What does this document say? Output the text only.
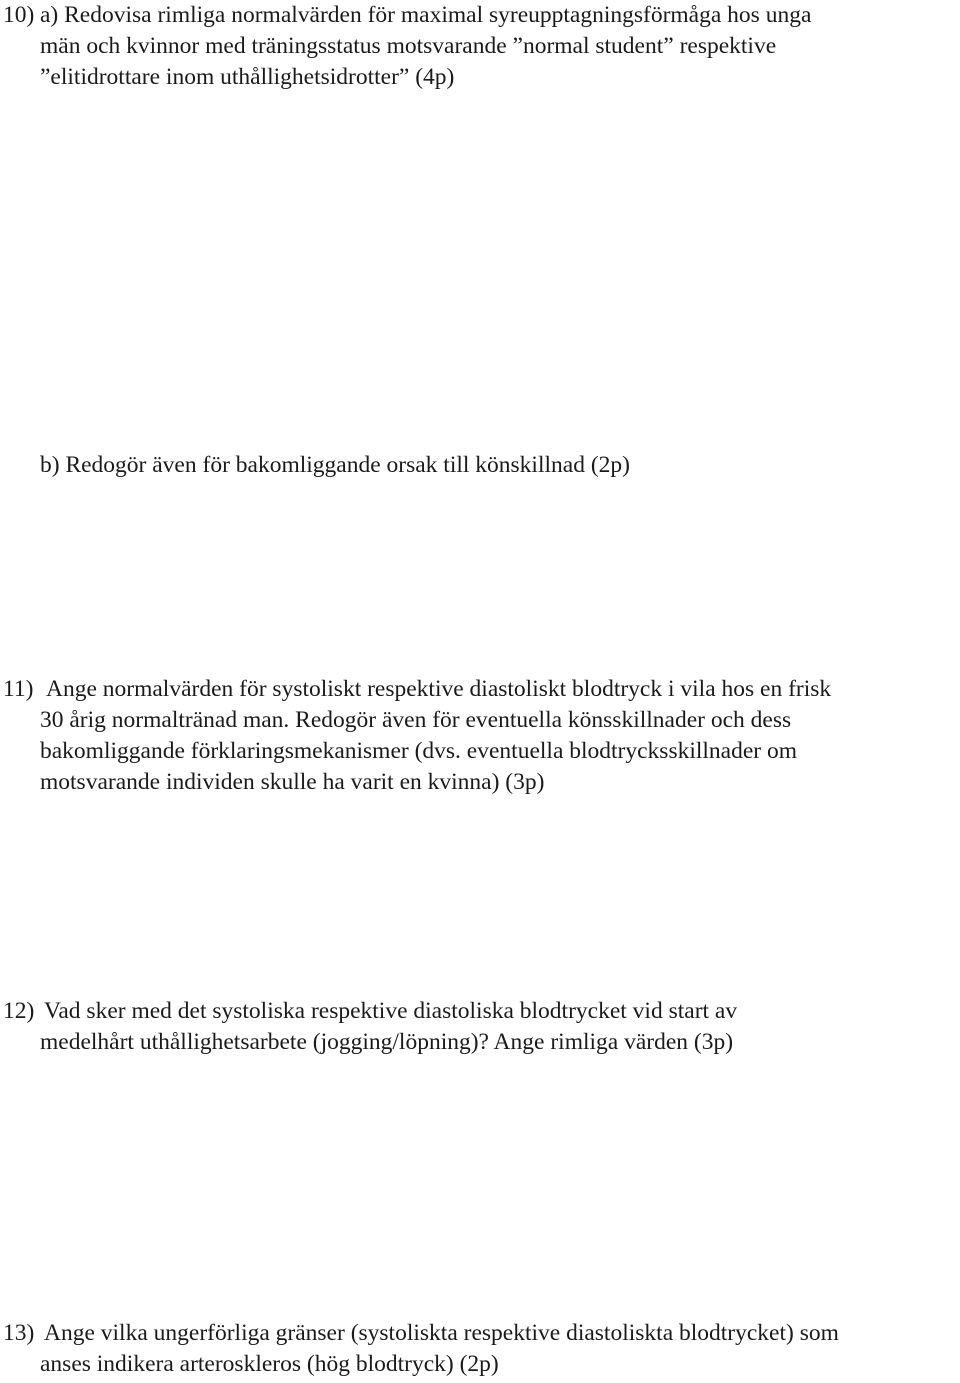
10) a) Redovisa rimliga normalvärden för maximal syreupptagningsförmåga hos unga
män och kvinnor med träningsstatus motsvarande ”normal student” respektive
”elitidrottare inom uthållighetsidrotter” (4p)
b) Redogör även för bakomliggande orsak till könskillnad (2p)
11) Ange normalvärden för systoliskt respektive diastoliskt blodtryck i vila hos en frisk
30 årig normaltränad man. Redogör även för eventuella könsskillnader och dess
bakomliggande förklaringsmekanismer (dvs. eventuella blodtrycksskillnader om
motsvarande individen skulle ha varit en kvinna) (3p)
12) Vad sker med det systoliska respektive diastoliska blodtrycket vid start av
medelhårt uthållighetsarbete (jogging/löpning)? Ange rimliga värden (3p)
13) Ange vilka ungerförliga gränser (systoliskta respektive diastoliskta blodtrycket) som
anses indikera arteroskleros (hög blodtryck) (2p)
